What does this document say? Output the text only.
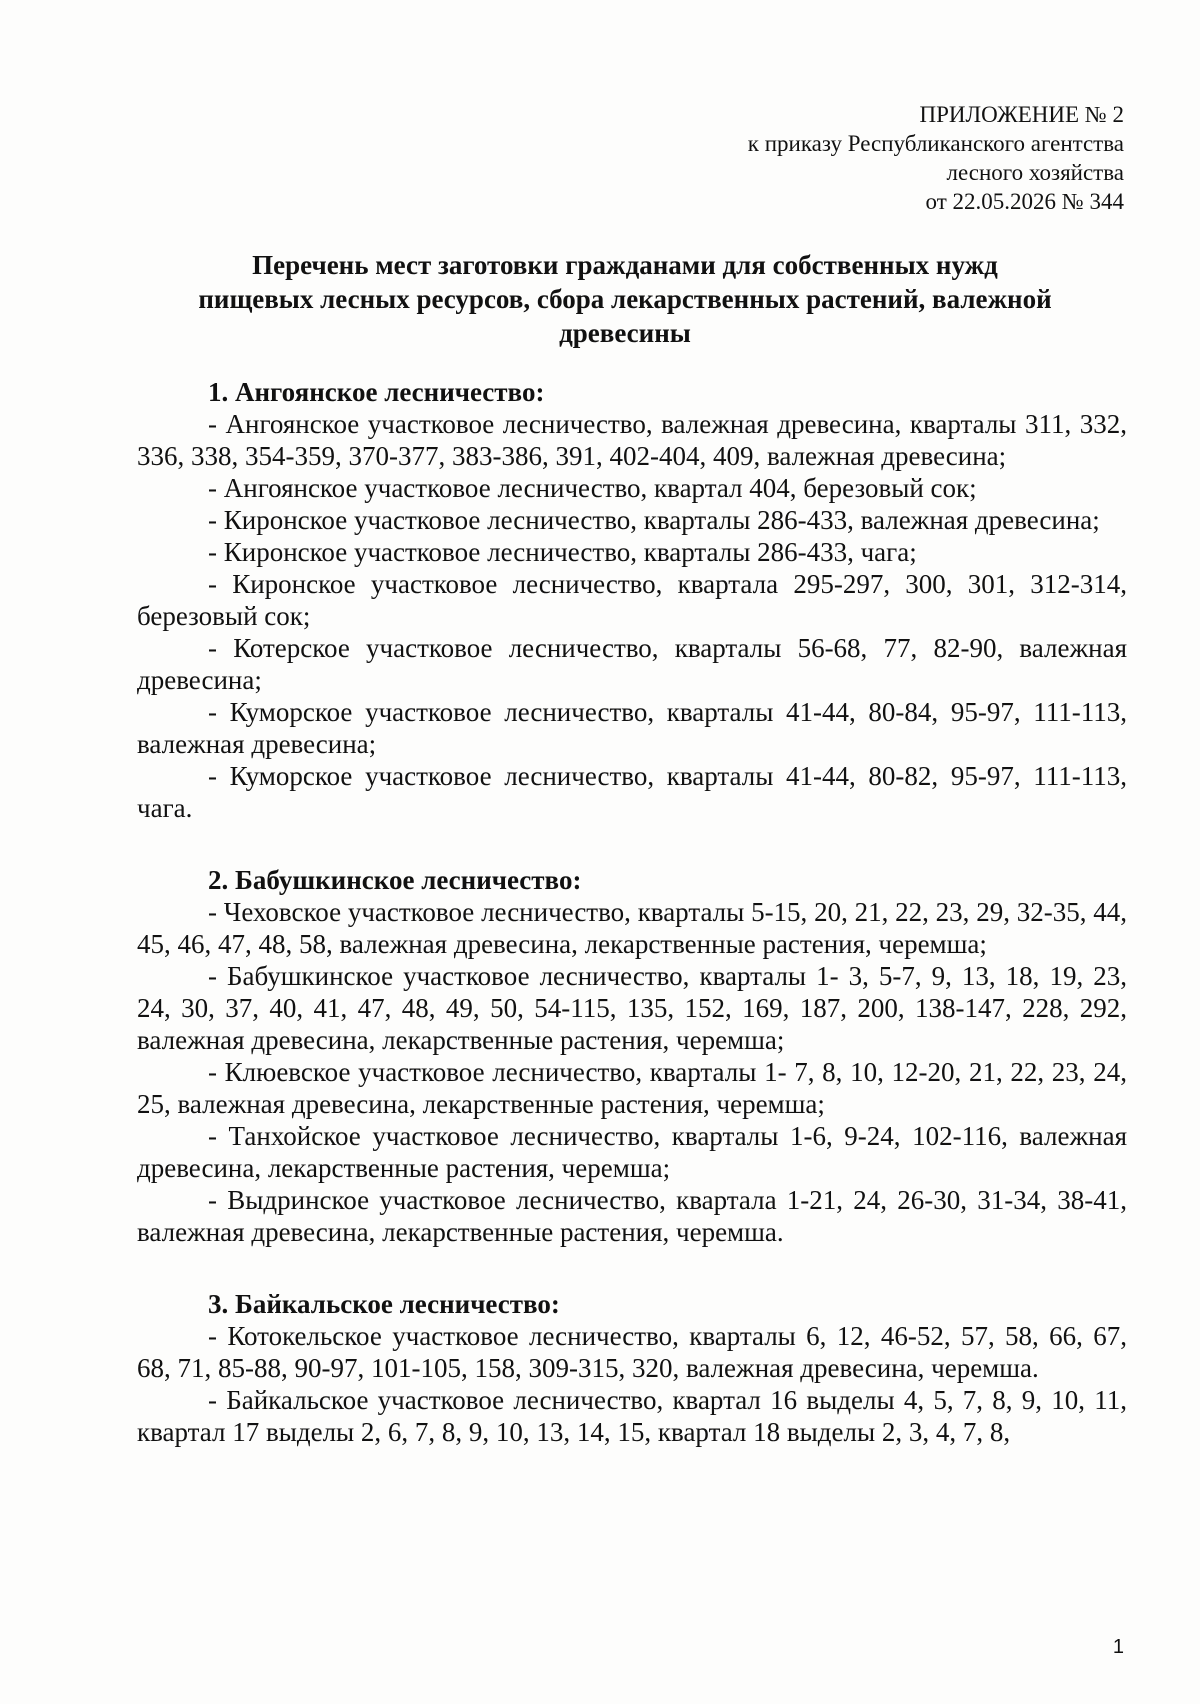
ПРИЛОЖЕНИЕ № 2
к приказу Республиканского агентства
лесного хозяйства
от 22.05.2026 № 344
Перечень мест заготовки гражданами для собственных нужд
пищевых лесных ресурсов, сбора лекарственных растений, валежной
древесины
1. Ангоянское лесничество:
- Ангоянское участковое лесничество, валежная древесина, кварталы 311, 332, 336, 338, 354-359, 370-377, 383-386, 391, 402-404, 409, валежная древесина;
- Ангоянское участковое лесничество, квартал 404, березовый сок;
- Киронское участковое лесничество, кварталы 286-433, валежная древесина;
- Киронское участковое лесничество, кварталы 286-433, чага;
- Киронское участковое лесничество, квартала 295-297, 300, 301, 312-314, березовый сок;
- Котерское участковое лесничество, кварталы 56-68, 77, 82-90, валежная древесина;
- Куморское участковое лесничество, кварталы 41-44, 80-84, 95-97, 111-113, валежная древесина;
- Куморское участковое лесничество, кварталы 41-44, 80-82, 95-97, 111-113, чага.
2. Бабушкинское лесничество:
- Чеховское участковое лесничество, кварталы 5-15, 20, 21, 22, 23, 29, 32-35, 44, 45, 46, 47, 48, 58, валежная древесина, лекарственные растения, черемша;
- Бабушкинское участковое лесничество, кварталы 1- 3, 5-7, 9, 13, 18, 19, 23, 24, 30, 37, 40, 41, 47, 48, 49, 50, 54-115, 135, 152, 169, 187, 200, 138-147, 228, 292, валежная древесина, лекарственные растения, черемша;
- Клюевское участковое лесничество, кварталы 1- 7, 8, 10, 12-20, 21, 22, 23, 24, 25, валежная древесина, лекарственные растения, черемша;
- Танхойское участковое лесничество, кварталы 1-6, 9-24, 102-116, валежная древесина, лекарственные растения, черемша;
- Выдринское участковое лесничество, квартала 1-21, 24, 26-30, 31-34, 38-41, валежная древесина, лекарственные растения, черемша.
3. Байкальское лесничество:
- Котокельское участковое лесничество, кварталы 6, 12, 46-52, 57, 58, 66, 67, 68, 71, 85-88, 90-97, 101-105, 158, 309-315, 320, валежная древесина, черемша.
- Байкальское участковое лесничество, квартал 16 выделы 4, 5, 7, 8, 9, 10, 11, квартал 17 выделы 2, 6, 7, 8, 9, 10, 13, 14, 15, квартал 18 выделы 2, 3, 4, 7, 8,
1
